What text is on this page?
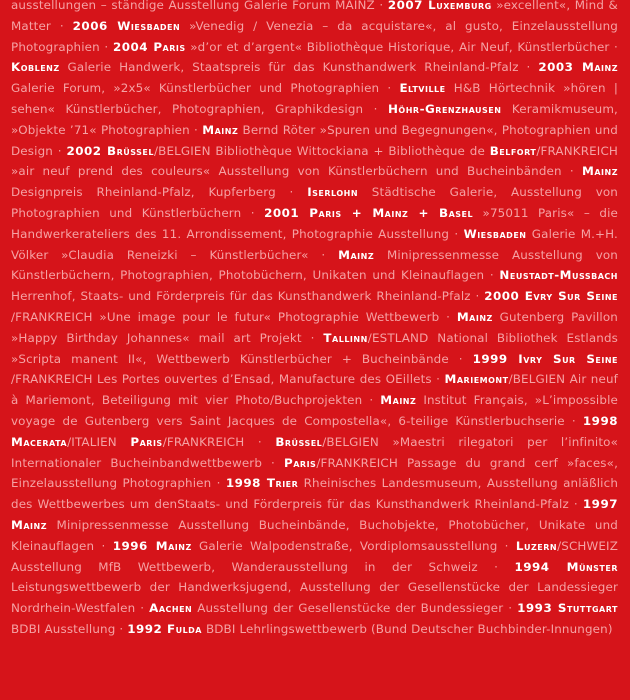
ausstellungen – ständige Ausstellung Galerie Forum MAINZ · 2007 Luxemburg »excellent«, Mind & Matter · 2006 Wiesbaden »Venedig / Venezia – da acquistare«, al gusto, Einzelausstellung Photographien · 2004 Paris »d’or et d’argent« Bibliothèque Historique, Air Neuf, Künstlerbücher · Koblenz Galerie Handwerk, Staatspreis für das Kunsthandwerk Rheinland-Pfalz · 2003 Mainz Galerie Forum, »2x5« Künstlerbücher und Photographien · Eltville H&B Hörtechnik »hören | sehen« Künstlerbücher, Photographien, Graphikdesign · Höhr-Grenzhausen Keramikmuseum, »Objekte ’71« Photographien · Mainz Bernd Röter »Spuren und Begegnungen«, Photographien und Design · 2002 Brüssel/BELGIEN Bibliothèque Wittockiana + Bibliothèque de Belfort/FRANKREICH »air neuf prend des couleurs« Ausstellung von Künstlerbüchern und Bucheinbänden · Mainz Designpreis Rheinland-Pfalz, Kupferberg · Iserlohn Städtische Galerie, Ausstellung von Photographien und Künstlerbüchern · 2001 Paris + Mainz + Basel »75011 Paris« – die Handwerkerateliers des 11. Arrondissement, Photographie Ausstellung · Wiesbaden Galerie M.+H. Völker »Claudia Reneizki – Künstlerbücher« · Mainz Minipressenmesse Ausstellung von Künstlerbüchern, Photographien, Photobüchern, Unikaten und Kleinauflagen · Neustadt-Mussbach Herrenhof, Staats- und Förderpreis für das Kunsthandwerk Rheinland-Pfalz · 2000 Evry Sur Seine /FRANKREICH »Une image pour le futur« Photographie Wettbewerb · Mainz Gutenberg Pavillon »Happy Birthday Johannes« mail art Projekt · Tallinn/ESTLAND National Bibliothek Estlands »Scripta manent II«, Wettbewerb Künstlerbücher + Bucheinbände · 1999 Ivry Sur Seine /FRANKREICH Les Portes ouvertes d’Ensad, Manufacture des OEillets · Mariemont/BELGIEN Air neuf à Mariemont, Beteiligung mit vier Photo/Buchprojekten · Mainz Institut Français, »L’impossible voyage de Gutenberg vers Saint Jacques de Compostella«, 6-teilige Künstlerbuchserie · 1998 Macerata/ITALIEN Paris/FRANKREICH · Brüssel/BELGIEN »Maestri rilegatori per l’infinito« Internationaler Bucheinbandwettbewerb · Paris/FRANKREICH Passage du grand cerf »faces«, Einzelausstellung Photographien · 1998 Trier Rheinisches Landesmuseum, Ausstellung anläßlich des Wettbewerbes um denStaats- und Förderpreis für das Kunsthandwerk Rheinland-Pfalz · 1997 Mainz Minipressenmesse Ausstellung Bucheinbände, Buchobjekte, Photobücher, Unikate und Kleinauflagen · 1996 Mainz Galerie Walpodenstraße, Vordiplomsausstellung · Luzern/SCHWEIZ Ausstellung MfB Wettbewerb, Wanderausstellung in der Schweiz · 1994 Münster Leistungswettbewerb der Handwerksjugend, Ausstellung der Gesellenstücke der Landessieger Nordrhein-Westfalen · Aachen Ausstellung der Gesellenstücke der Bundessieger · 1993 Stuttgart BDBI Ausstellung · 1992 Fulda BDBI Lehrlingswettbewerb (Bund Deutscher Buchbinder-Innungen)
